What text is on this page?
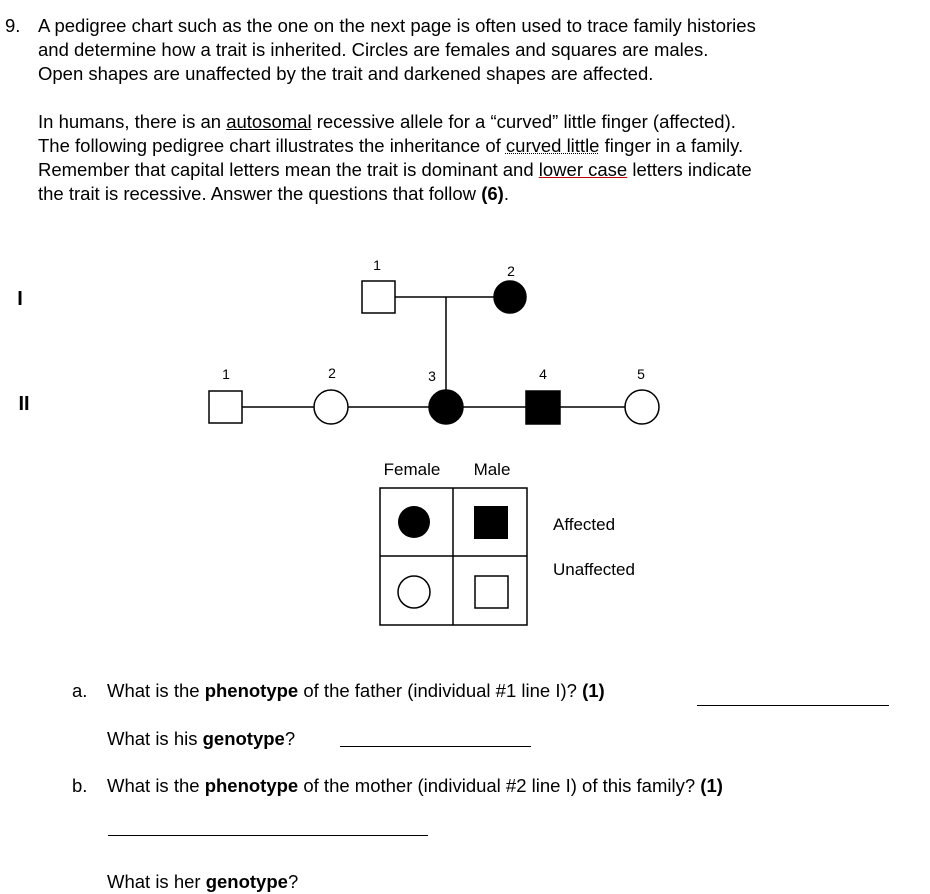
9. A pedigree chart such as the one on the next page is often used to trace family histories
and determine how a trait is inherited. Circles are females and squares are males.
Open shapes are unaffected by the trait and darkened shapes are affected.
In humans, there is an autosomal recessive allele for a “curved” little finger (affected).
The following pedigree chart illustrates the inheritance of curved little finger in a family.
Remember that capital letters mean the trait is dominant and lower case letters indicate
the trait is recessive. Answer the questions that follow (6).
I
II
1	2
1	2	3	4	5
Female Male
Affected
Unaffected
a. What is the phenotype of the father (individual #1 line I)? (1)
What is his genotype?
b. What is the phenotype of the mother (individual #2 line I) of this family? (1)
What is her genotype?
